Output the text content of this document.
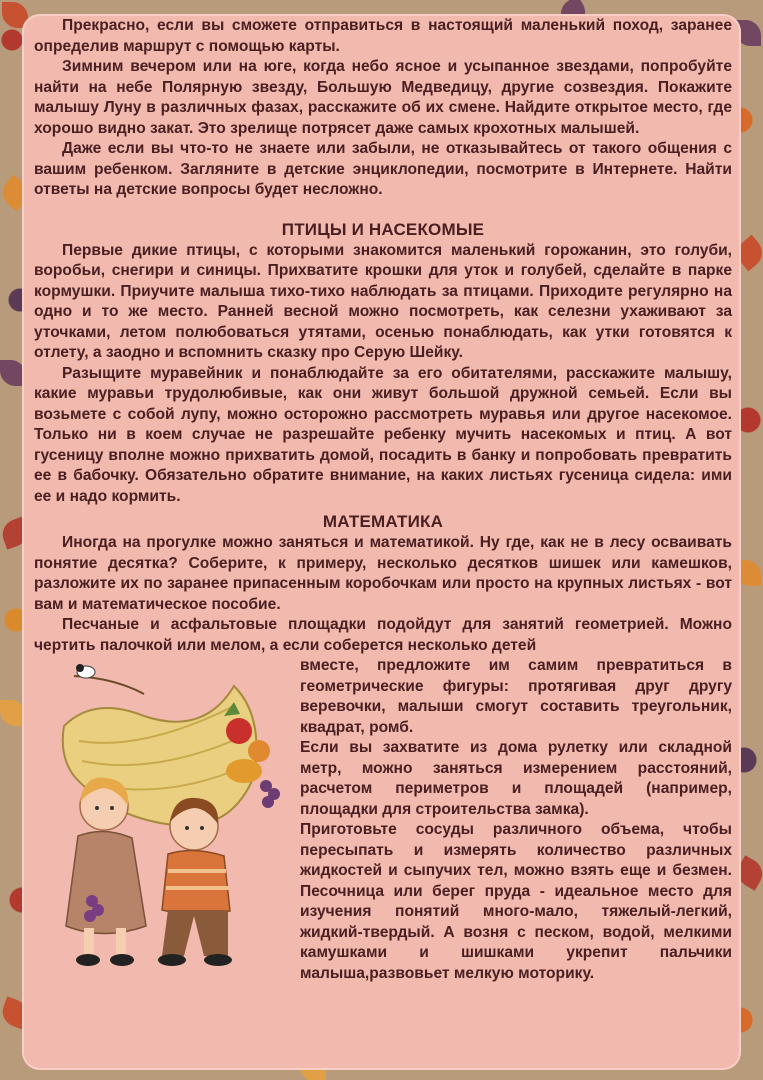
Прекрасно, если вы сможете отправиться в настоящий маленький поход, заранее определив маршрут с помощью карты.

Зимним вечером или на юге, когда небо ясное и усыпанное звездами, попробуйте найти на небе Полярную звезду, Большую Медведицу, другие созвездия. Покажите малышу Луну в различных фазах, расскажите об их смене. Найдите открытое место, где хорошо видно закат. Это зрелище потрясет даже самых крохотных малышей.

Даже если вы что-то не знаете или забыли, не отказывайтесь от такого общения с вашим ребенком. Загляните в детские энциклопедии, посмотрите в Интернете. Найти ответы на детские вопросы будет несложно.

ПТИЦЫ И НАСЕКОМЫЕ

Первые дикие птицы, с которыми знакомится маленький горожанин, это голуби, воробьи, снегири и синицы. Прихватите крошки для уток и голубей, сделайте в парке кормушки. Приучите малыша тихо-тихо наблюдать за птицами. Приходите регулярно на одно и то же место. Ранней весной можно посмотреть, как селезни ухаживают за уточками, летом полюбоваться утятами, осенью понаблюдать, как утки готовятся к отлету, а заодно и вспомнить сказку про Серую Шейку.

Разыщите муравейник и понаблюдайте за его обитателями, расскажите малышу, какие муравьи трудолюбивые, как они живут большой дружной семьей. Если вы возьмете с собой лупу, можно осторожно рассмотреть муравья или другое насекомое. Только ни в коем случае не разрешайте ребенку мучить насекомых и птиц. А вот гусеницу вполне можно прихватить домой, посадить в банку и попробовать превратить ее в бабочку. Обязательно обратите внимание, на каких листьях гусеница сидела: ими ее и надо кормить.

МАТЕМАТИКА

Иногда на прогулке можно заняться и математикой. Ну где, как не в лесу осваивать понятие десятка? Соберите, к примеру, несколько десятков шишек или камешков, разложите их по заранее припасенным коробочкам или просто на крупных листьях - вот вам и математическое пособие.

Песчаные и асфальтовые площадки подойдут для занятий геометрией. Можно чертить палочкой или мелом, а если соберется несколько детей

вместе, предложите им самим превратиться в геометрические фигуры: протягивая друг другу веревочки, малыши смогут составить треугольник, квадрат, ромб.

Если вы захватите из дома рулетку или складной метр, можно заняться измерением расстояний, расчетом периметров и площадей (например, площадки для строительства замка).

Приготовьте сосуды различного объема, чтобы пересыпать и измерять количество различных жидкостей и сыпучих тел, можно взять еще и безмен. Песочница или берег пруда - идеальное место для изучения понятий много-мало, тяжелый-легкий, жидкий-твердый. А возня с песком, водой, мелкими камушками и шишками укрепит пальчики малыша,развовьет мелкую моторику.
